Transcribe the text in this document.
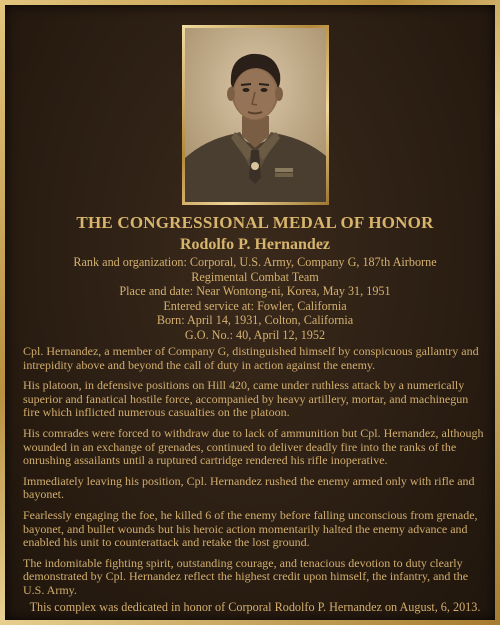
THE CONGRESSIONAL MEDAL OF HONOR
Rodolfo P. Hernandez
Rank and organization: Corporal, U.S. Army, Company G, 187th Airborne
Regimental Combat Team
Place and date: Near Wontong-ni, Korea, May 31, 1951
Entered service at: Fowler, California
Born: April 14, 1931, Colton, California
G.O. No.: 40, April 12, 1952

Cpl. Hernandez, a member of Company G, distinguished himself by conspicuous gallantry and intrepidity above and beyond the call of duty in action against the enemy.

His platoon, in defensive positions on Hill 420, came under ruthless attack by a numerically superior and fanatical hostile force, accompanied by heavy artillery, mortar, and machinegun fire which inflicted numerous casualties on the platoon.

His comrades were forced to withdraw due to lack of ammunition but Cpl. Hernandez, although wounded in an exchange of grenades, continued to deliver deadly fire into the ranks of the onrushing assailants until a ruptured cartridge rendered his rifle inoperative.

Immediately leaving his position, Cpl. Hernandez rushed the enemy armed only with rifle and bayonet.

Fearlessly engaging the foe, he killed 6 of the enemy before falling unconscious from grenade, bayonet, and bullet wounds but his heroic action momentarily halted the enemy advance and enabled his unit to counterattack and retake the lost ground.

The indomitable fighting spirit, outstanding courage, and tenacious devotion to duty clearly demonstrated by Cpl. Hernandez reflect the highest credit upon himself, the infantry, and the U.S. Army.

This complex was dedicated in honor of Corporal Rodolfo P. Hernandez on August, 6, 2013.
